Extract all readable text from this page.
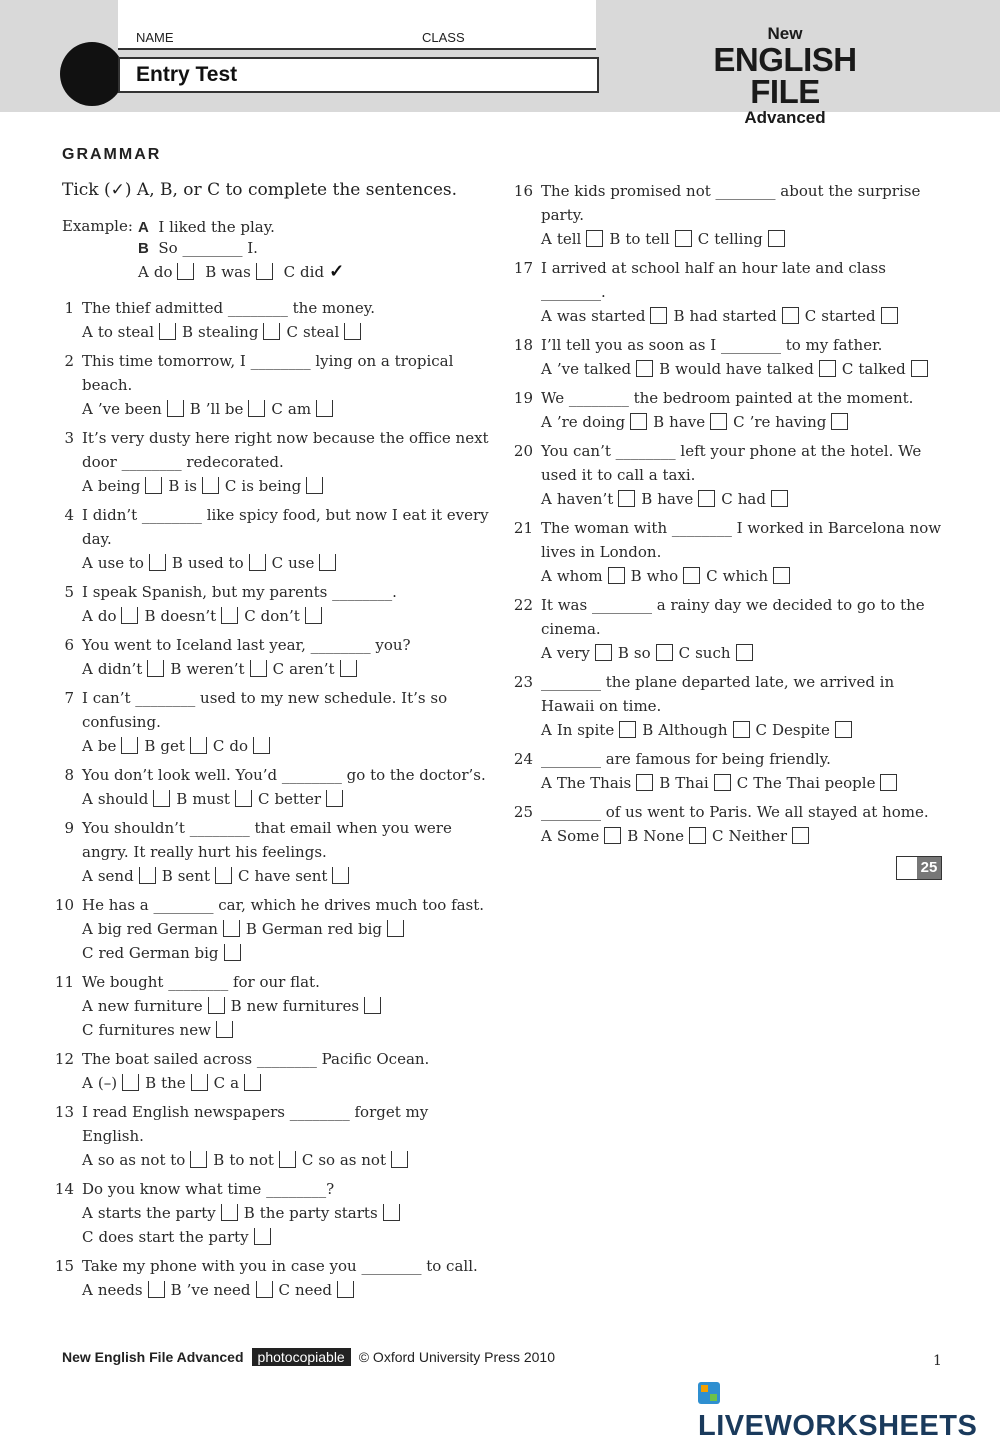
NAME	CLASS
Entry Test
New
ENGLISH FILE
Advanced
GRAMMAR
Tick (✓) A, B, or C to complete the sentences.
Example: A I liked the play.
B So ________ I.
A do B was C did ✓
1 The thief admitted ________ the money.
A to steal B stealing C steal
2 This time tomorrow, I ________ lying on a tropical beach.
A ’ve been B ’ll be C am
3 It’s very dusty here right now because the office next door ________ redecorated.
A being B is C is being
4 I didn’t ________ like spicy food, but now I eat it every day.
A use to B used to C use
5 I speak Spanish, but my parents ________.
A do B doesn’t C don’t
6 You went to Iceland last year, ________ you?
A didn’t B weren’t C aren’t
7 I can’t ________ used to my new schedule. It’s so confusing.
A be B get C do
8 You don’t look well. You’d ________ go to the doctor’s.
A should B must C better
9 You shouldn’t ________ that email when you were angry. It really hurt his feelings.
A send B sent C have sent
10 He has a ________ car, which he drives much too fast.
A big red German B German red bigC red German big
11 We bought ________ for our flat.
A new furniture B new furnituresC furnitures new
12 The boat sailed across ________ Pacific Ocean.
A (–) B the C a
13 I read English newspapers ________ forget my English.
A so as not to B to not C so as not
14 Do you know what time ________?
A starts the party B the party startsC does start the party
15 Take my phone with you in case you ________ to call.
A needs B ’ve need C need
16 The kids promised not ________ about the surprise party.
A tell B to tell C telling
17 I arrived at school half an hour late and class ________.
A was started B had started C started
18 I’ll tell you as soon as I ________ to my father.
A ’ve talked B would have talked C talked
19 We ________ the bedroom painted at the moment.
A ’re doing B have C ’re having
20 You can’t ________ left your phone at the hotel. We used it to call a taxi.
A haven’t B have C had
21 The woman with ________ I worked in Barcelona now lives in London.
A whom B who C which
22 It was ________ a rainy day we decided to go to the cinema.
A very B so C such
23 ________ the plane departed late, we arrived in Hawaii on time.
A In spite B Although C Despite
24 ________ are famous for being friendly.
A The Thais B Thai C The Thai people
25 ________ of us went to Paris. We all stayed at home.
A Some B None C Neither
25
New English File Advanced photocopiable © Oxford University Press 2010	1
LIVEWORKSHEETS
